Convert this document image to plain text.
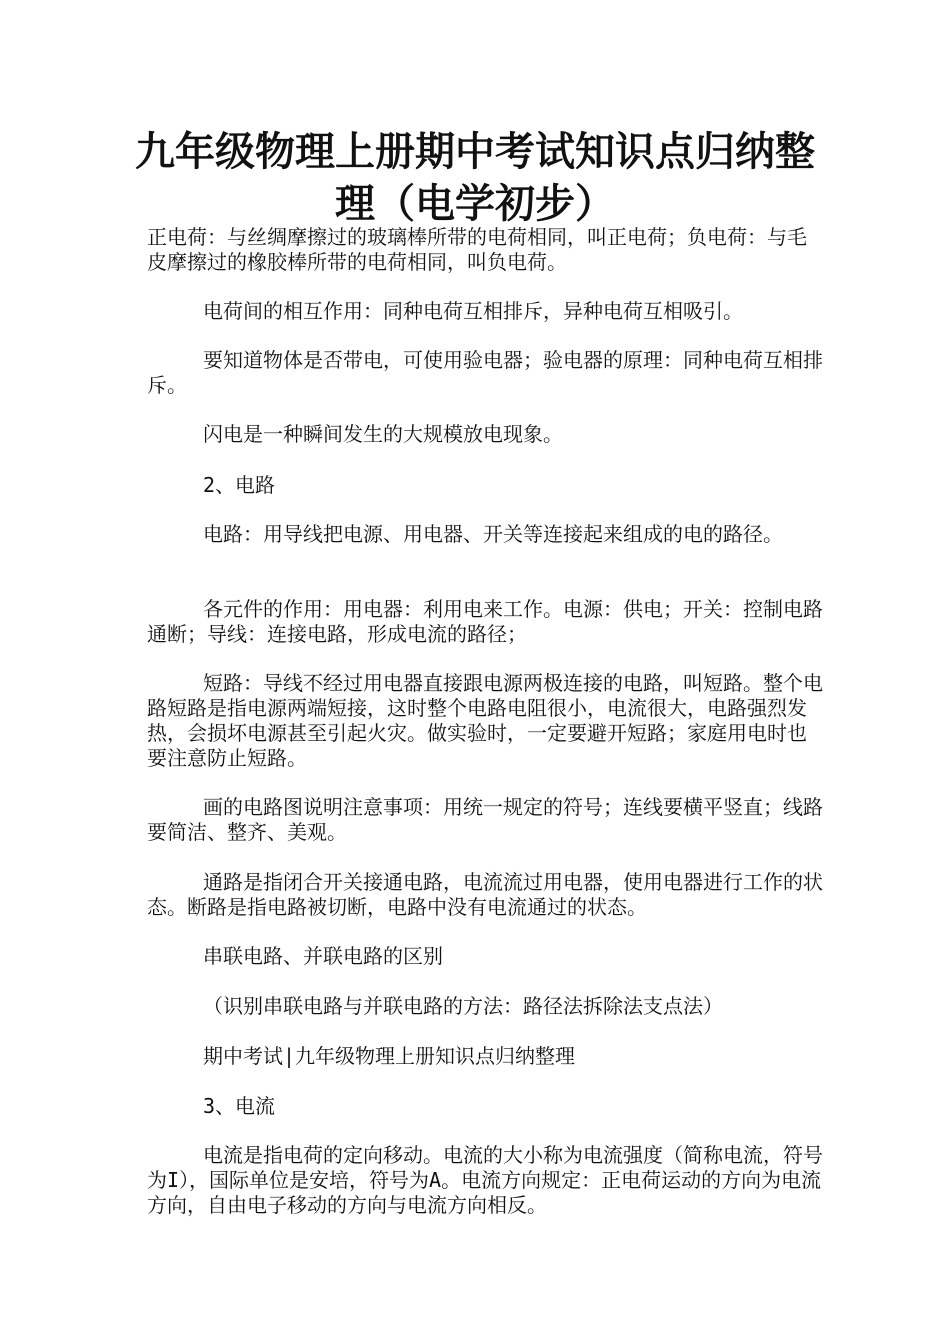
九年级物理上册期中考试知识点归纳整理（电学初步）

正电荷：与丝绸摩擦过的玻璃棒所带的电荷相同，叫正电荷；负电荷：与毛皮摩擦过的橡胶棒所带的电荷相同，叫负电荷。

电荷间的相互作用：同种电荷互相排斥，异种电荷互相吸引。

要知道物体是否带电，可使用验电器；验电器的原理：同种电荷互相排斥。

闪电是一种瞬间发生的大规模放电现象。

2、电路

电路：用导线把电源、用电器、开关等连接起来组成的电的路径。

各元件的作用：用电器：利用电来工作。电源：供电；开关：控制电路通断；导线：连接电路，形成电流的路径；

短路：导线不经过用电器直接跟电源两极连接的电路，叫短路。整个电路短路是指电源两端短接，这时整个电路电阻很小，电流很大，电路强烈发热，会损坏电源甚至引起火灾。做实验时，一定要避开短路；家庭用电时也要注意防止短路。

画的电路图说明注意事项：用统一规定的符号；连线要横平竖直；线路要简洁、整齐、美观。

通路是指闭合开关接通电路，电流流过用电器，使用电器进行工作的状态。断路是指电路被切断，电路中没有电流通过的状态。

串联电路、并联电路的区别

（识别串联电路与并联电路的方法：路径法拆除法支点法）

期中考试|九年级物理上册知识点归纳整理

3、电流

电流是指电荷的定向移动。电流的大小称为电流强度（简称电流，符号为I），国际单位是安培，符号为A。电流方向规定：正电荷运动的方向为电流方向，自由电子移动的方向与电流方向相反。
